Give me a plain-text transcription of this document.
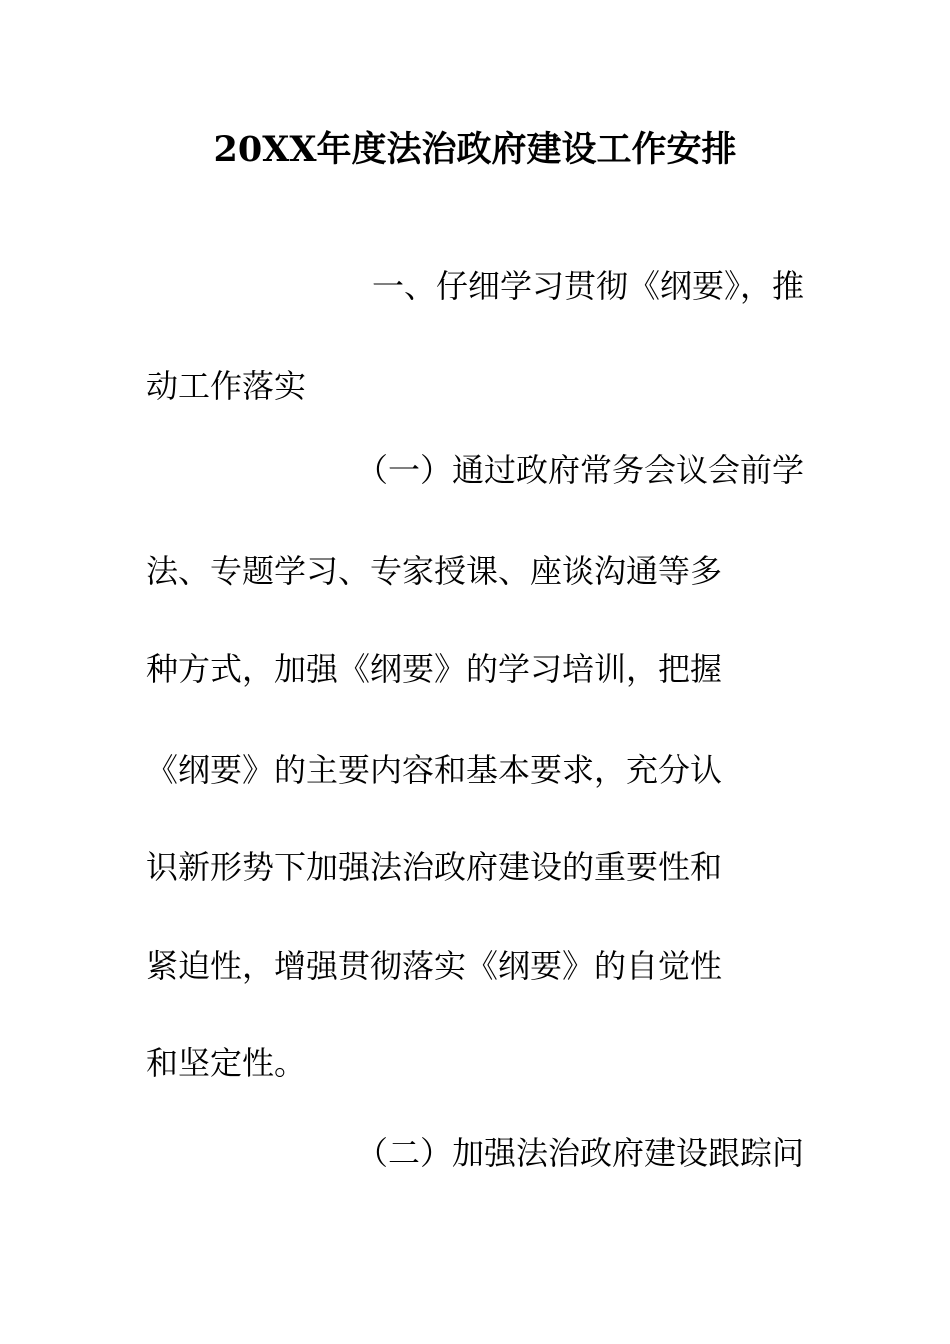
20XX年度法治政府建设工作安排
一、仔细学习贯彻《纲要》，推
动工作落实
（一）通过政府常务会议会前学
法、专题学习、专家授课、座谈沟通等多
种方式，加强《纲要》的学习培训，把握
《纲要》的主要内容和基本要求，充分认
识新形势下加强法治政府建设的重要性和
紧迫性，增强贯彻落实《纲要》的自觉性
和坚定性。
（二）加强法治政府建设跟踪问
